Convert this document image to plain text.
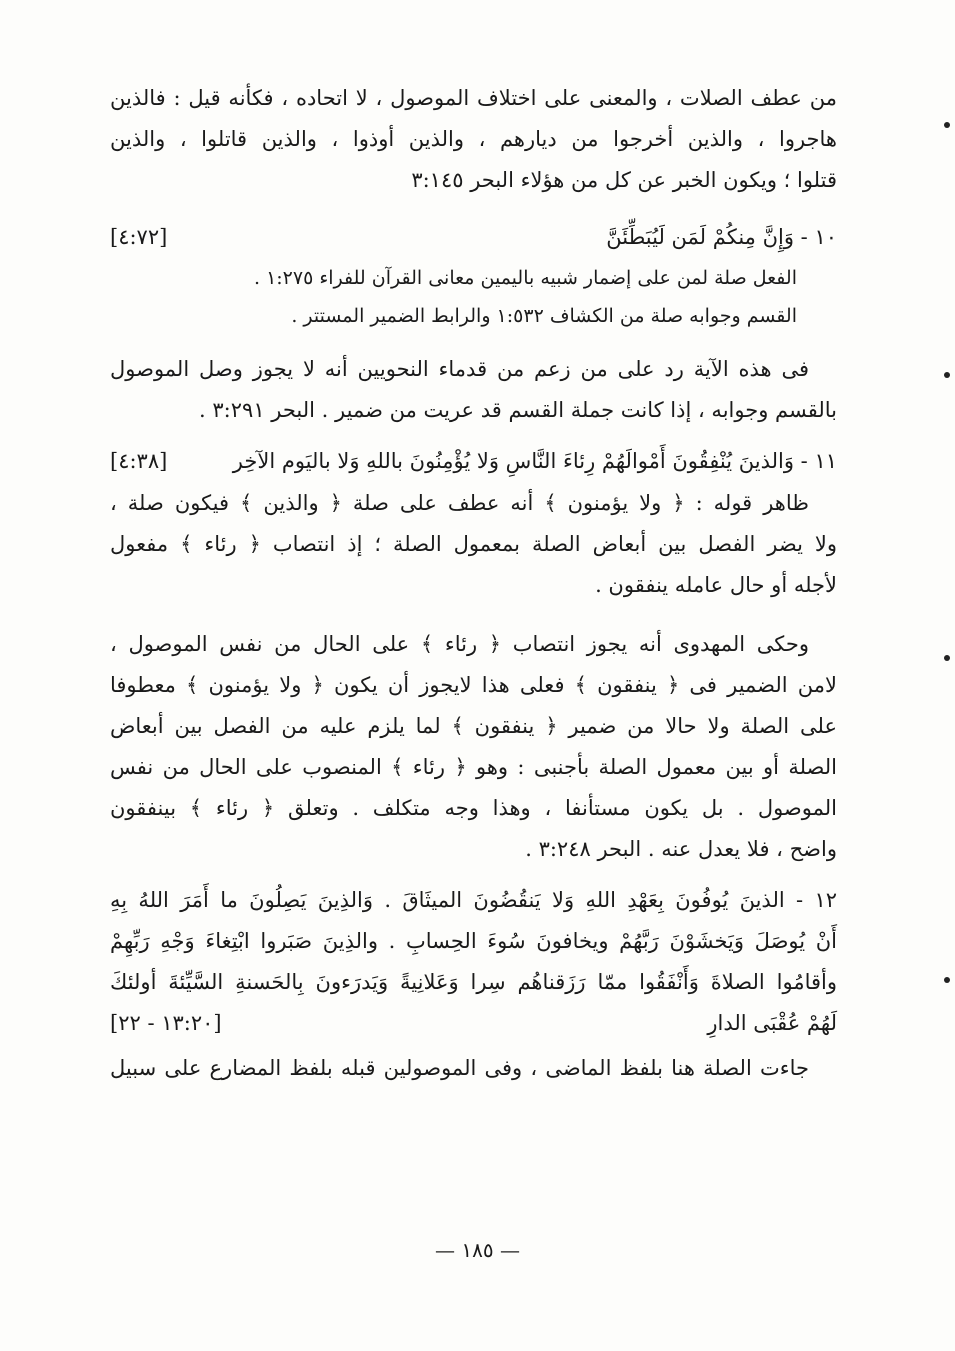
من عطف الصلات ، والمعنى على اختلاف الموصول ، لا اتحاده ، فكأنه قيل : فالذين
هاجروا ، والذين أخرجوا من ديارهم ، والذين أوذوا ، والذين قاتلوا ، والذين
قتلوا ؛ ويكون الخبر عن كل من هؤلاء البحر ٣:١٤٥
١٠ - وَإِنَّ مِنكُمْ لَمَن لَيُبَطِّئَنَّ
[٤:٧٢]
الفعل صلة لمن على إضمار شبيه باليمين معانى القرآن للفراء ١:٢٧٥ .
القسم وجوابه صلة من الكشاف ١:٥٣٢ والرابط الضمير المستتر .
فى هذه الآية رد على من زعم من قدماء النحويين أنه لا يجوز وصل الموصول
بالقسم وجوابه ، إذا كانت جملة القسم قد عريت من ضمير . البحر ٣:٢٩١ .
١١ - وَالذينَ يُنْفِقُونَ أَمْوالَهُمْ رِئاءَ النَّاسِ وَلا يُؤْمِنُونَ باللهِ وَلا باليَوم الآخِر
[٤:٣٨]
ظاهر قوله : ﴿ ولا يؤمنون ﴾ أنه عطف على صلة ﴿ والذين ﴾ فيكون صلة ،
ولا يضر الفصل بين أبعاض الصلة بمعمول الصلة ؛ إذ انتصاب ﴿ رئاء ﴾ مفعول
لأجله أو حال عامله ينفقون .
وحكى المهدوى أنه يجوز انتصاب ﴿ رئاء ﴾ على الحال من نفس الموصول ،
لامن الضمير فى ﴿ ينفقون ﴾ فعلى هذا لايجوز أن يكون ﴿ ولا يؤمنون ﴾ معطوفا
على الصلة ولا حالا من ضمير ﴿ ينفقون ﴾ لما يلزم عليه من الفصل بين أبعاض
الصلة أو بين معمول الصلة بأجنبى : وهو ﴿ رئاء ﴾ المنصوب على الحال من نفس
الموصول . بل يكون مستأنفا ، وهذا وجه متكلف . وتعلق ﴿ رئاء ﴾ بينفقون
واضح ، فلا يعدل عنه . البحر ٣:٢٤٨ .
١٢ - الذينَ يُوفُونَ بِعَهْدِ اللهِ وَلا يَنقُضُونَ الميثَاقَ . وَالذِينَ يَصِلُونَ ما أَمَرَ اللهُ بِهِ
أَنْ يُوصَلَ وَيَخشَوْنَ رَبَّهُمْ ويخافونَ سُوءَ الحِسابِ . والذِينَ صَبَروا ابْتِغاءَ وَجْهِ رَبِّهِمْ
وأقامُوا الصلاةَ وَأَنْفَقُوا ممّا رَزَقناهُم سِرا وَعَلانِيةً وَيَدرَءونَ بِالحَسنةِ السَّيِّئةَ أولئكَ
لَهُمْ عُقْبَى الدارِ
[١٣:٢٠ - ٢٢]
جاءت الصلة هنا بلفظ الماضى ، وفى الموصولين قبله بلفظ المضارع على سبيل
— ١٨٥ —
